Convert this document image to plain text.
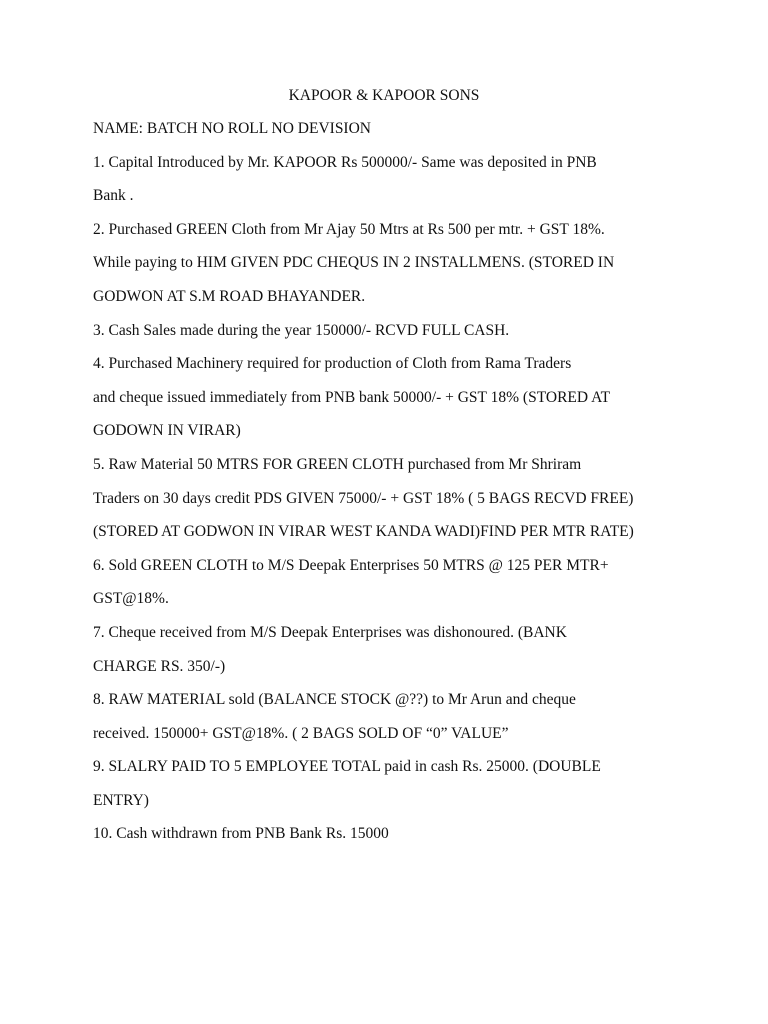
KAPOOR & KAPOOR SONS
NAME: BATCH NO ROLL NO DEVISION
1. Capital Introduced by Mr. KAPOOR Rs 500000/- Same was deposited in PNB
Bank .
2. Purchased GREEN Cloth from Mr Ajay 50 Mtrs at Rs 500 per mtr. + GST 18%.
While paying to HIM GIVEN PDC CHEQUS IN 2 INSTALLMENS. (STORED IN
GODWON AT S.M ROAD BHAYANDER.
3. Cash Sales made during the year 150000/- RCVD FULL CASH.
4. Purchased Machinery required for production of Cloth from Rama Traders
and cheque issued immediately from PNB bank 50000/- + GST 18% (STORED AT
GODOWN IN VIRAR)
5. Raw Material 50 MTRS FOR GREEN CLOTH purchased from Mr Shriram
Traders on 30 days credit PDS GIVEN 75000/- + GST 18% ( 5 BAGS RECVD FREE)
(STORED AT GODWON IN VIRAR WEST KANDA WADI)FIND PER MTR RATE)
6. Sold GREEN CLOTH to M/S Deepak Enterprises 50 MTRS @ 125 PER MTR+
GST@18%.
7. Cheque received from M/S Deepak Enterprises was dishonoured. (BANK
CHARGE RS. 350/-)
8. RAW MATERIAL sold (BALANCE STOCK @??) to Mr Arun and cheque
received. 150000+ GST@18%. ( 2 BAGS SOLD OF “0” VALUE”
9. SLALRY PAID TO 5 EMPLOYEE TOTAL paid in cash Rs. 25000. (DOUBLE
ENTRY)
10. Cash withdrawn from PNB Bank Rs. 15000
